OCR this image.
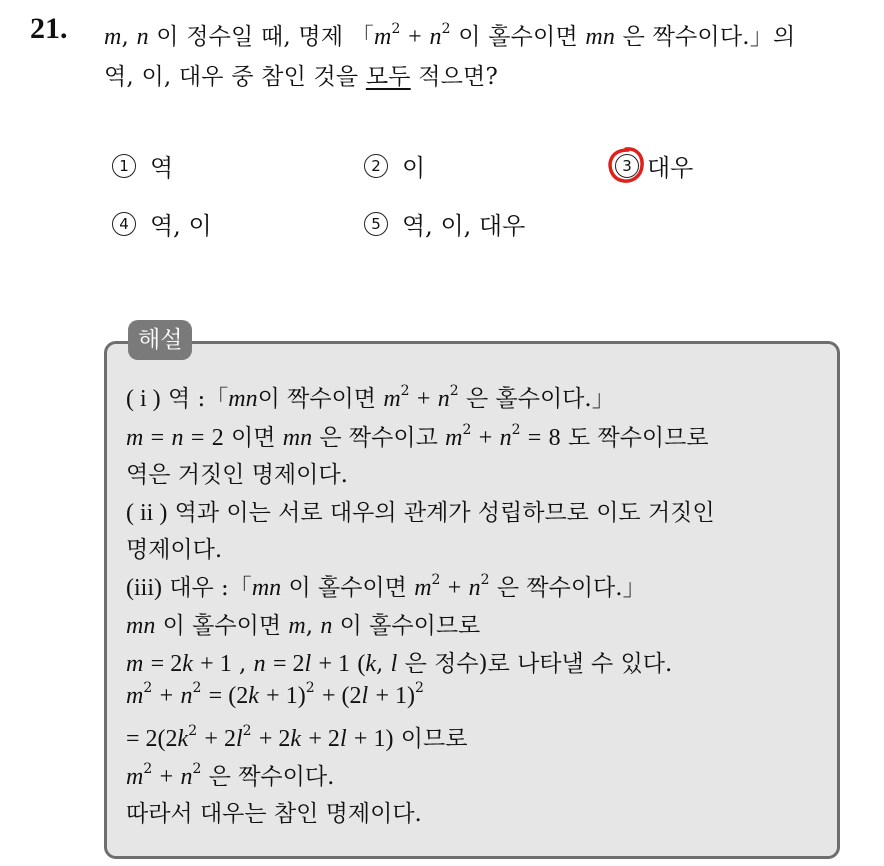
21. m, n 이 정수일 때, 명제 「$m^2 + n^2$ 이 홀수이면 mn 은 짝수이다.」의
역, 이, 대우 중 참인 것을 모두 적으면?
1 역	2 이	3 대우
4 역, 이	5 역, 이, 대우
해설
( i ) 역 :「mn이 짝수이면 $m^2 + n^2$ 은 홀수이다.」
m = n = 2 이면 mn 은 짝수이고 $m^2 + n^2 = 8$ 도 짝수이므로
역은 거짓인 명제이다.
( ii ) 역과 이는 서로 대우의 관계가 성립하므로 이도 거짓인
명제이다.
(iii) 대우 :「mn 이 홀수이면 $m^2 + n^2$ 은 짝수이다.」
mn 이 홀수이면 m, n 이 홀수이므로
m = 2k + 1 , n = 2l + 1 (k, l 은 정수)로 나타낼 수 있다.
$m^2 + n^2 = (2k + 1)^2 + (2l + 1)^2$
= $2(2k^2 + 2l^2 + 2k + 2l + 1)$ 이므로
$m^2 + n^2$ 은 짝수이다.
따라서 대우는 참인 명제이다.
